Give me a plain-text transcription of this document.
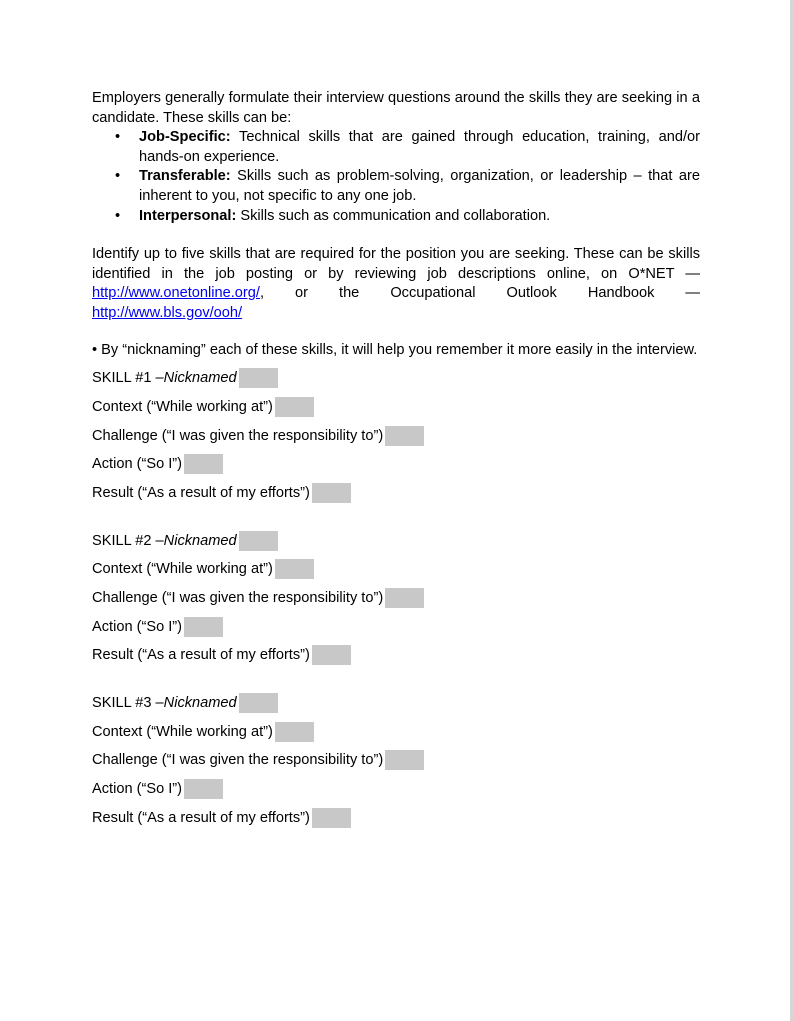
Employers generally formulate their interview questions around the skills they are seeking in a candidate. These skills can be:

• Job-Specific: Technical skills that are gained through education, training, and/or hands-on experience.
• Transferable: Skills such as problem-solving, organization, or leadership – that are inherent to you, not specific to any one job.
• Interpersonal: Skills such as communication and collaboration.

Identify up to five skills that are required for the position you are seeking. These can be skills identified in the job posting or by reviewing job descriptions online, on O*NET — http://www.onetonline.org/, or the Occupational Outlook Handbook —

http://www.bls.gov/ooh/

• By “nicknaming” each of these skills, it will help you remember it more easily in the interview.

SKILL #1 – Nicknamed
Context (“While working at”)
Challenge (“I was given the responsibility to”)
Action (“So I”)
Result (“As a result of my efforts”)
SKILL #2 – Nicknamed
Context (“While working at”)
Challenge (“I was given the responsibility to”)
Action (“So I”)
Result (“As a result of my efforts”)
SKILL #3 – Nicknamed
Context (“While working at”)
Challenge (“I was given the responsibility to”)
Action (“So I”)
Result (“As a result of my efforts”)
